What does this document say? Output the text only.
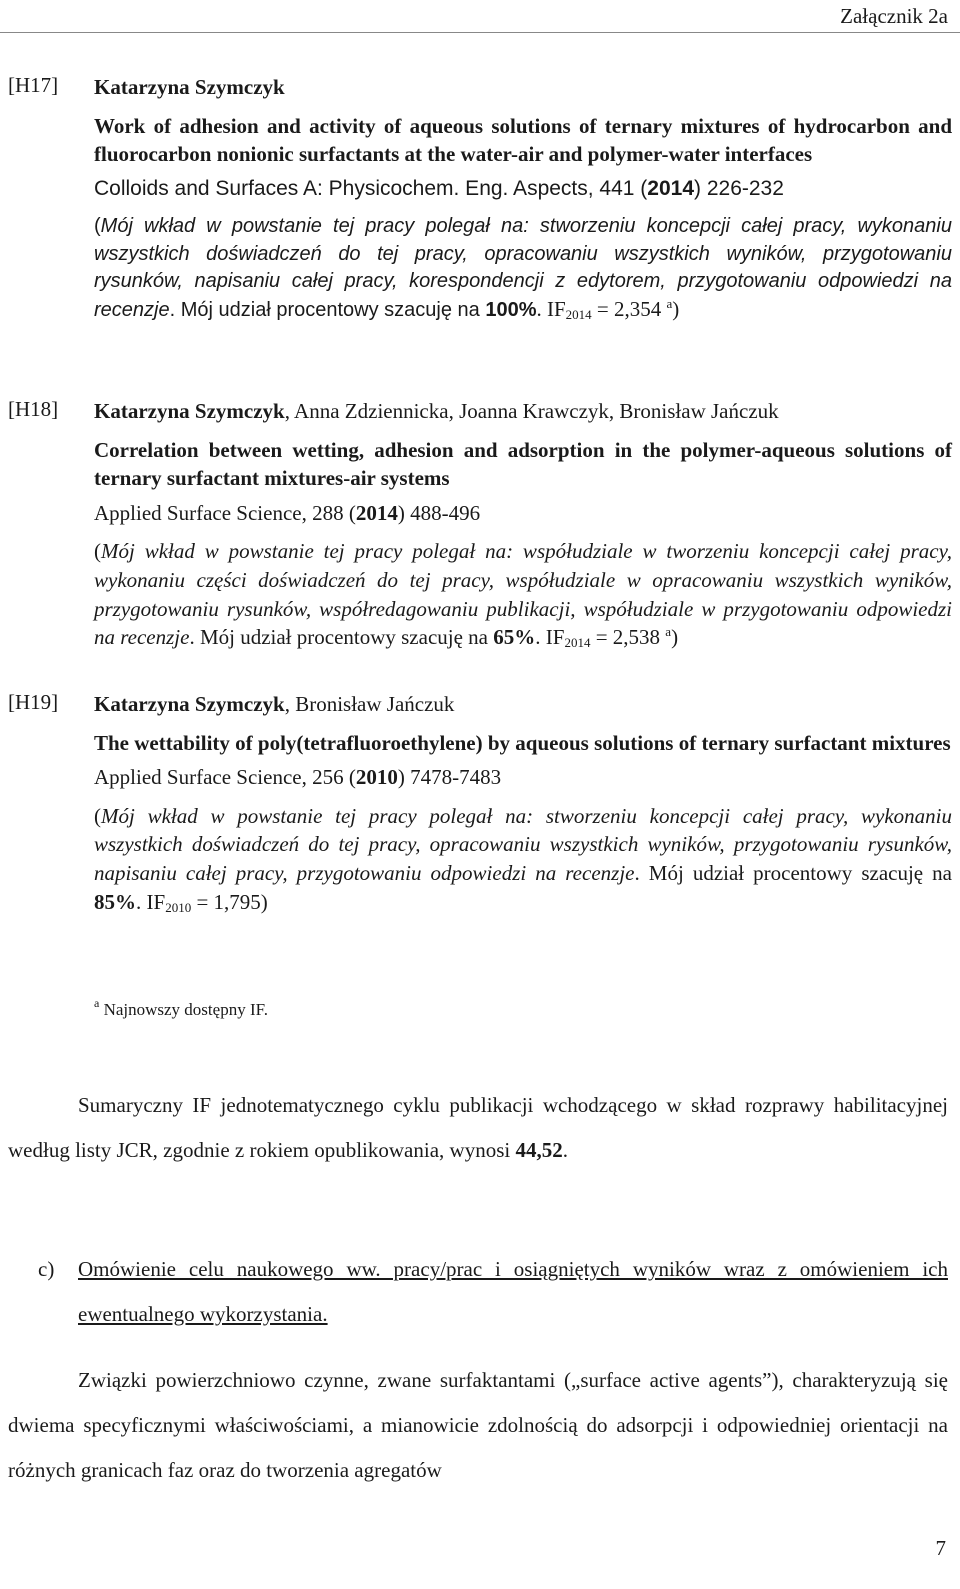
Załącznik 2a
[H17] Katarzyna Szymczyk

Work of adhesion and activity of aqueous solutions of ternary mixtures of hydrocarbon and fluorocarbon nonionic surfactants at the water-air and polymer-water interfaces

Colloids and Surfaces A: Physicochem. Eng. Aspects, 441 (2014) 226-232

(Mój wkład w powstanie tej pracy polegał na: stworzeniu koncepcji całej pracy, wykonaniu wszystkich doświadczeń do tej pracy, opracowaniu wszystkich wyników, przygotowaniu rysunków, napisaniu całej pracy, korespondencji z edytorem, przygotowaniu odpowiedzi na recenzje. Mój udział procentowy szacuję na 100%. $IF_{2014} = 2,354$ $^a$)

[H18] Katarzyna Szymczyk, Anna Zdziennicka, Joanna Krawczyk, Bronisław Jańczuk

Correlation between wetting, adhesion and adsorption in the polymer-aqueous solutions of ternary surfactant mixtures-air systems

Applied Surface Science, 288 (2014) 488-496

(Mój wkład w powstanie tej pracy polegał na: współudziale w tworzeniu koncepcji całej pracy, wykonaniu części doświadczeń do tej pracy, współudziale w opracowaniu wszystkich wyników, przygotowaniu rysunków, współredagowaniu publikacji, współudziale w przygotowaniu odpowiedzi na recenzje. Mój udział procentowy szacuję na 65%. $IF_{2014} = 2,538$ $^a$)

[H19] Katarzyna Szymczyk, Bronisław Jańczuk

The wettability of poly(tetrafluoroethylene) by aqueous solutions of ternary surfactant mixtures

Applied Surface Science, 256 (2010) 7478-7483

(Mój wkład w powstanie tej pracy polegał na: stworzeniu koncepcji całej pracy, wykonaniu wszystkich doświadczeń do tej pracy, opracowaniu wszystkich wyników, przygotowaniu rysunków, napisaniu całej pracy, przygotowaniu odpowiedzi na recenzje. Mój udział procentowy szacuję na 85%. $IF_{2010} = 1,795$)

$^a$ Najnowszy dostępny IF.

Sumaryczny IF jednotematycznego cyklu publikacji wchodzącego w skład rozprawy habilitacyjnej według listy JCR, zgodnie z rokiem opublikowania, wynosi 44,52.

c) Omówienie celu naukowego ww. pracy/prac i osiągniętych wyników wraz z omówieniem ich ewentualnego wykorzystania.

Związki powierzchniowo czynne, zwane surfaktantami („surface active agents”), charakteryzują się dwiema specyficznymi właściwościami, a mianowicie zdolnością do adsorpcji i odpowiedniej orientacji na różnych granicach faz oraz do tworzenia agregatów

7
